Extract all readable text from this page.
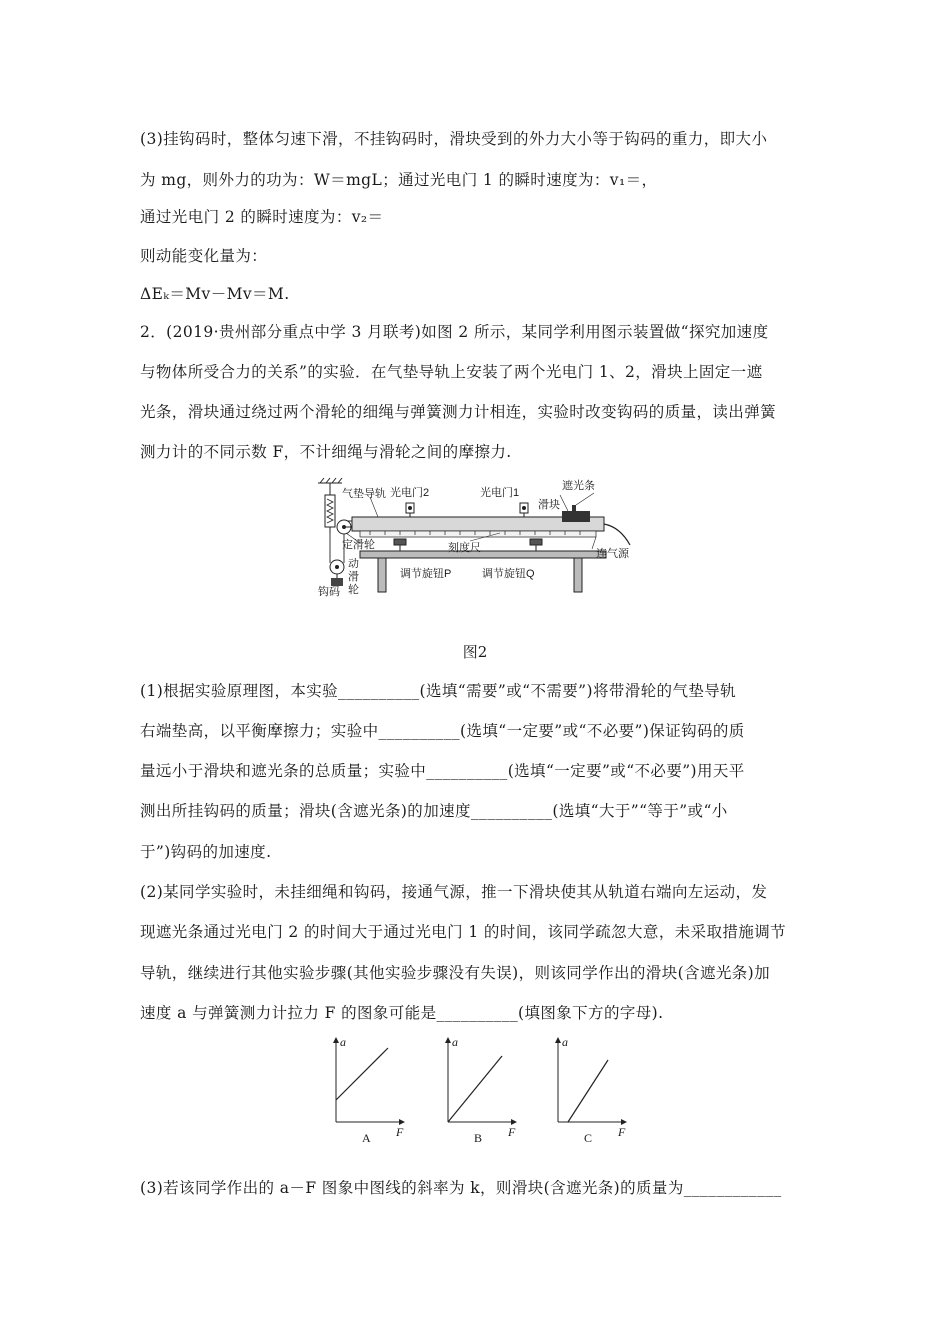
(3)挂钩码时，整体匀速下滑，不挂钩码时，滑块受到的外力大小等于钩码的重力，即大小
为 mg，则外力的功为：W＝mgL；通过光电门 1 的瞬时速度为：v₁＝，
通过光电门 2 的瞬时速度为：v₂＝
则动能变化量为：
ΔEₖ＝Mv－Mv＝M.
2．(2019·贵州部分重点中学 3 月联考)如图 2 所示，某同学利用图示装置做“探究加速度
与物体所受合力的关系”的实验．在气垫导轨上安装了两个光电门 1、2，滑块上固定一遮
光条，滑块通过绕过两个滑轮的细绳与弹簧测力计相连，实验时改变钩码的质量，读出弹簧
测力计的不同示数 F，不计细绳与滑轮之间的摩擦力.
气垫导轨 光电门2	光电门1
滑块
遮光条
定滑轮	刻度尺	连气源
调节旋钮P	调节旋钮Q
动
滑
轮
钩码
图2
(1)根据实验原理图，本实验__________(选填“需要”或“不需要”)将带滑轮的气垫导轨
右端垫高，以平衡摩擦力；实验中__________(选填“一定要”或“不必要”)保证钩码的质
量远小于滑块和遮光条的总质量；实验中__________(选填“一定要”或“不必要”)用天平
测出所挂钩码的质量；滑块(含遮光条)的加速度__________(选填“大于”“等于”或“小
于”)钩码的加速度.
(2)某同学实验时，未挂细绳和钩码，接通气源，推一下滑块使其从轨道右端向左运动，发
现遮光条通过光电门 2 的时间大于通过光电门 1 的时间，该同学疏忽大意，未采取措施调节
导轨，继续进行其他实验步骤(其他实验步骤没有失误)，则该同学作出的滑块(含遮光条)加
速度 a 与弹簧测力计拉力 F 的图象可能是__________(填图象下方的字母).
a
F
A
a
F
B
a
F
C
(3)若该同学作出的 a－F 图象中图线的斜率为 k，则滑块(含遮光条)的质量为____________
